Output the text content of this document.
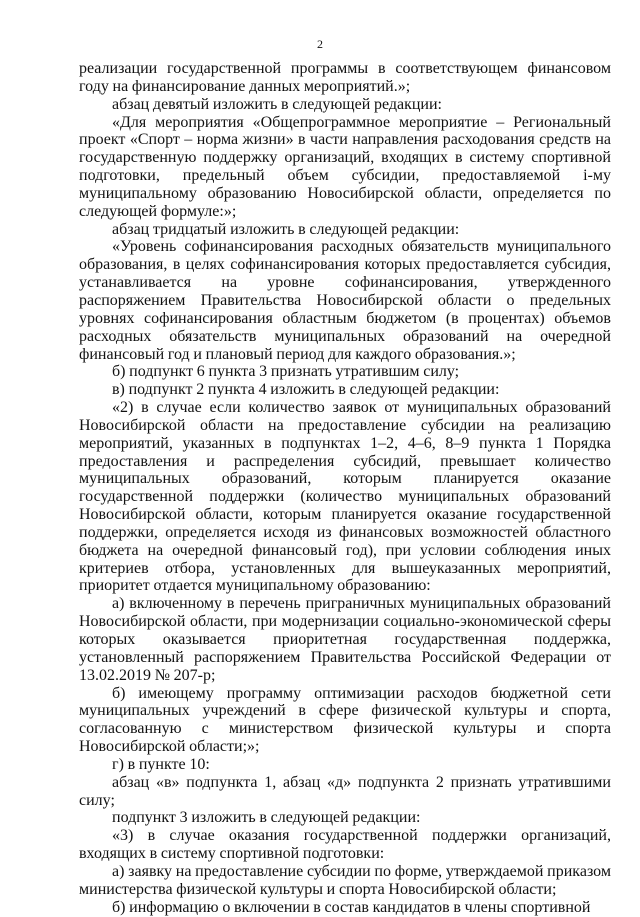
2

реализации государственной программы в соответствующем финансовом году на финансирование данных мероприятий.»;

абзац девятый изложить в следующей редакции:

«Для мероприятия «Общепрограммное мероприятие – Региональный проект «Спорт – норма жизни» в части направления расходования средств на государственную поддержку организаций, входящих в систему спортивной подготовки, предельный объем субсидии, предоставляемой i-му муниципальному образованию Новосибирской области, определяется по следующей формуле:»;

абзац тридцатый изложить в следующей редакции:

«Уровень софинансирования расходных обязательств муниципального образования, в целях софинансирования которых предоставляется субсидия, устанавливается на уровне софинансирования, утвержденного распоряжением Правительства Новосибирской области о предельных уровнях софинансирования областным бюджетом (в процентах) объемов расходных обязательств муниципальных образований на очередной финансовый год и плановый период для каждого образования.»;

б) подпункт 6 пункта 3 признать утратившим силу;

в) подпункт 2 пункта 4 изложить в следующей редакции:

«2) в случае если количество заявок от муниципальных образований Новосибирской области на предоставление субсидии на реализацию мероприятий, указанных в подпунктах 1–2, 4–6, 8–9 пункта 1 Порядка предоставления и распределения субсидий, превышает количество муниципальных образований, которым планируется оказание государственной поддержки (количество муниципальных образований Новосибирской области, которым планируется оказание государственной поддержки, определяется исходя из финансовых возможностей областного бюджета на очередной финансовый год), при условии соблюдения иных критериев отбора, установленных для вышеуказанных мероприятий, приоритет отдается муниципальному образованию:

а) включенному в перечень приграничных муниципальных образований Новосибирской области, при модернизации социально-экономической сферы которых оказывается приоритетная государственная поддержка, установленный распоряжением Правительства Российской Федерации от 13.02.2019 № 207-р;

б) имеющему программу оптимизации расходов бюджетной сети муниципальных учреждений в сфере физической культуры и спорта, согласованную с министерством физической культуры и спорта Новосибирской области;»;

г) в пункте 10:

абзац «в» подпункта 1, абзац «д» подпункта 2 признать утратившими силу;

подпункт 3 изложить в следующей редакции:

«3) в случае оказания государственной поддержки организаций, входящих в систему спортивной подготовки:

а) заявку на предоставление субсидии по форме, утверждаемой приказом министерства физической культуры и спорта Новосибирской области;

б) информацию о включении в состав кандидатов в члены спортивной
